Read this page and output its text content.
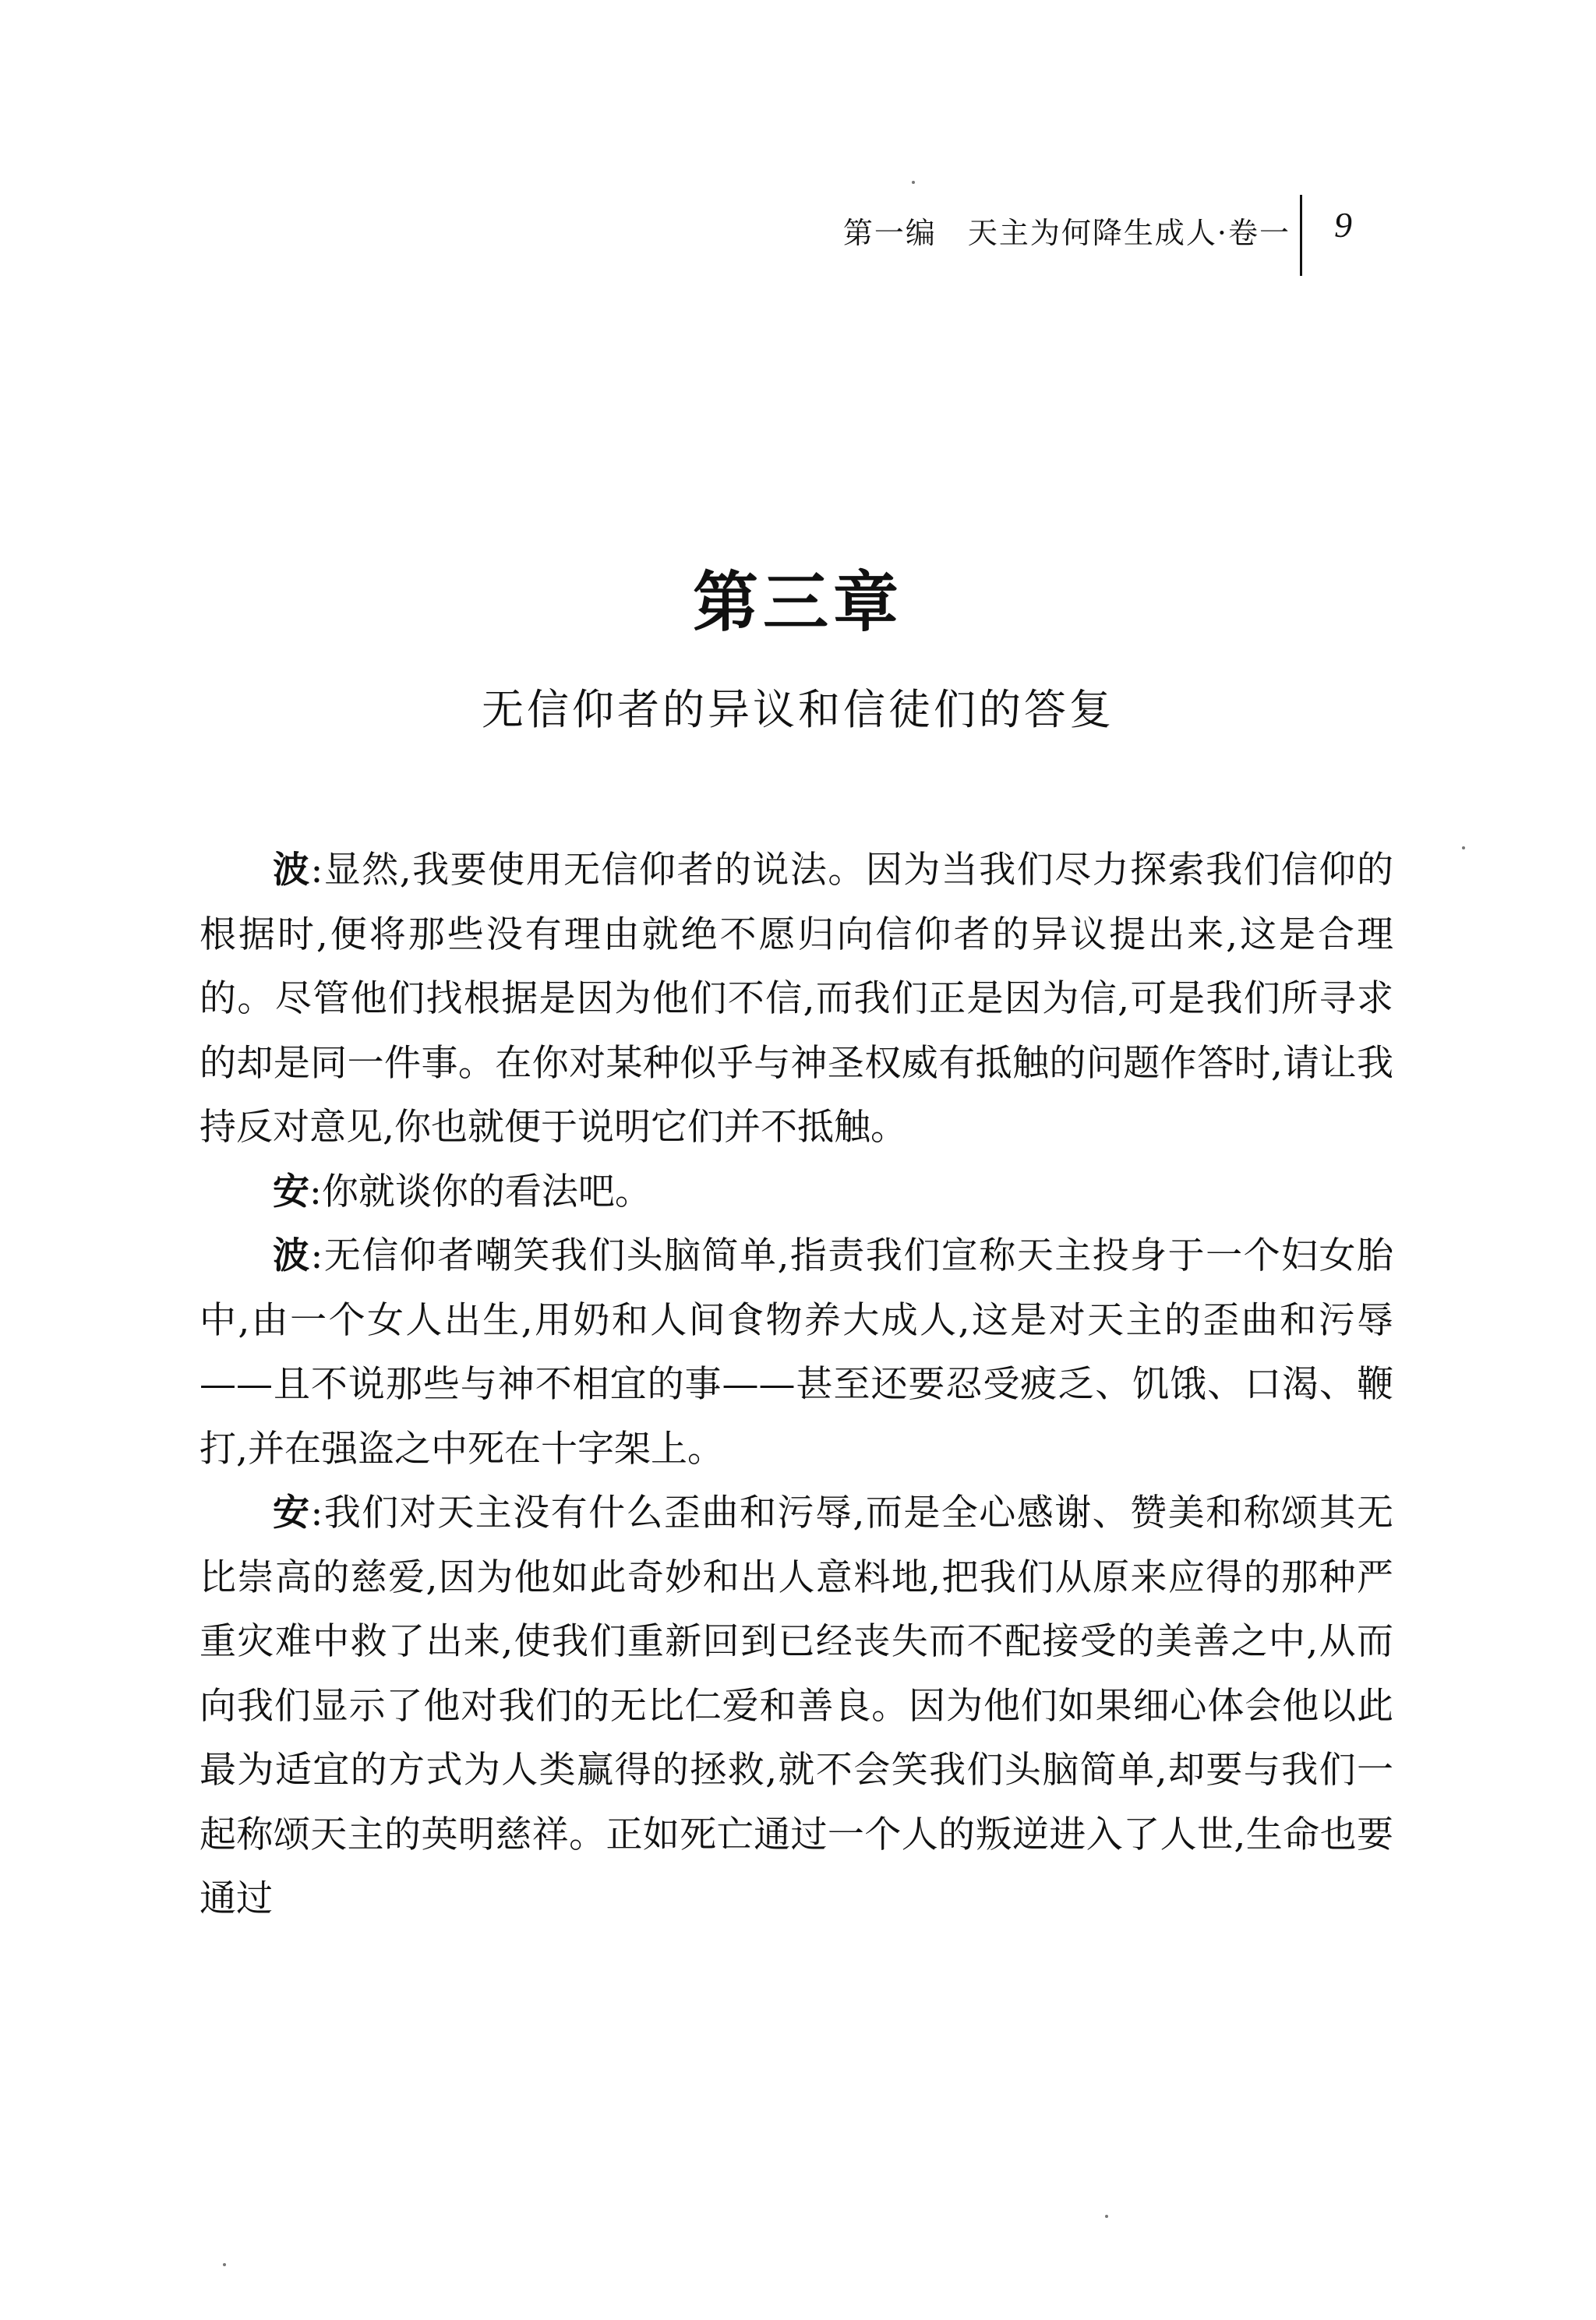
第一编 天主为何降生成人·卷一 9
第三章
无信仰者的异议和信徒们的答复

波:显然,我要使用无信仰者的说法。因为当我们尽力探索我们信仰的根据时,便将那些没有理由就绝不愿归向信仰者的异议提出来,这是合理的。尽管他们找根据是因为他们不信,而我们正是因为信,可是我们所寻求的却是同一件事。在你对某种似乎与神圣权威有抵触的问题作答时,请让我持反对意见,你也就便于说明它们并不抵触。

安:你就谈你的看法吧。

波:无信仰者嘲笑我们头脑简单,指责我们宣称天主投身于一个妇女胎中,由一个女人出生,用奶和人间食物养大成人,这是对天主的歪曲和污辱——且不说那些与神不相宜的事——甚至还要忍受疲乏、饥饿、口渴、鞭打,并在强盗之中死在十字架上。

安:我们对天主没有什么歪曲和污辱,而是全心感谢、赞美和称颂其无比崇高的慈爱,因为他如此奇妙和出人意料地,把我们从原来应得的那种严重灾难中救了出来,使我们重新回到已经丧失而不配接受的美善之中,从而向我们显示了他对我们的无比仁爱和善良。因为他们如果细心体会他以此最为适宜的方式为人类赢得的拯救,就不会笑我们头脑简单,却要与我们一起称颂天主的英明慈祥。正如死亡通过一个人的叛逆进入了人世,生命也要通过
